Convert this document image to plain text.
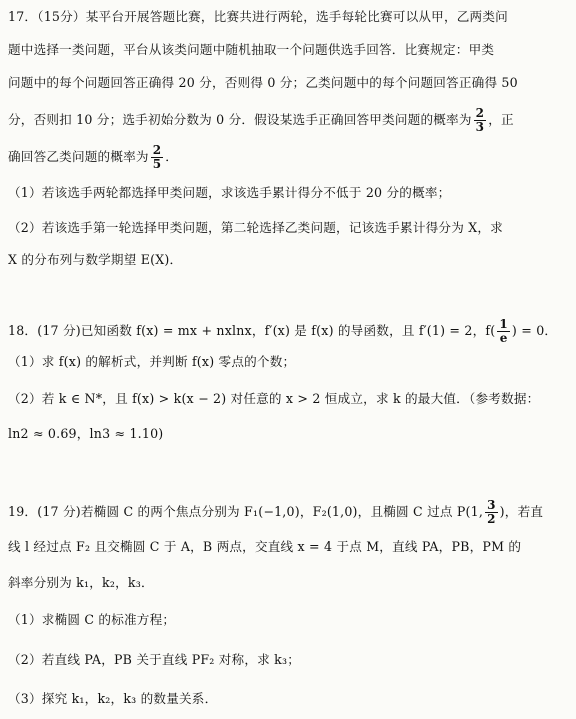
17．（15分）某平台开展答题比赛，比赛共进行两轮，选手每轮比赛可以从甲，乙两类问
题中选择一类问题，平台从该类问题中随机抽取一个问题供选手回答．比赛规定：甲类
问题中的每个问题回答正确得 20 分，否则得 0 分；乙类问题中的每个问题回答正确得 50
分，否则扣 10 分；选手初始分数为 0 分．假设某选手正确回答甲类问题的概率为 $\frac{2}{3}$ ，正
确回答乙类问题的概率为 $\frac{2}{5}$ ．
（1）若该选手两轮都选择甲类问题，求该选手累计得分不低于 20 分的概率；
（2）若该选手第一轮选择甲类问题，第二轮选择乙类问题，记该选手累计得分为 X，求
X 的分布列与数学期望 E(X)．
18．(17 分)已知函数 f(x) = mx + nxlnx，f′(x) 是 f(x) 的导函数，且 f′(1) = 2，$f( \frac{1}{e}$ ) = 0．
（1）求 f(x) 的解析式，并判断 f(x) 零点的个数；
（2）若 k ∈ N*，且 f(x) > k(x − 2) 对任意的 x > 2 恒成立，求 k 的最大值．（参考数据：
ln2 ≈ 0.69，ln3 ≈ 1.10)
19．(17 分)若椭圆 C 的两个焦点分别为 F₁(−1,0)，F₂(1,0)，且椭圆 C 过点 P(1, $\frac{3}{2}$ )，若直
线 l 经过点 F₂ 且交椭圆 C 于 A，B 两点，交直线 x = 4 于点 M，直线 PA，PB，PM 的
斜率分别为 k₁，k₂，k₃．
（1）求椭圆 C 的标准方程；
（2）若直线 PA，PB 关于直线 PF₂ 对称，求 k₃；
（3）探究 k₁，k₂，k₃ 的数量关系．
